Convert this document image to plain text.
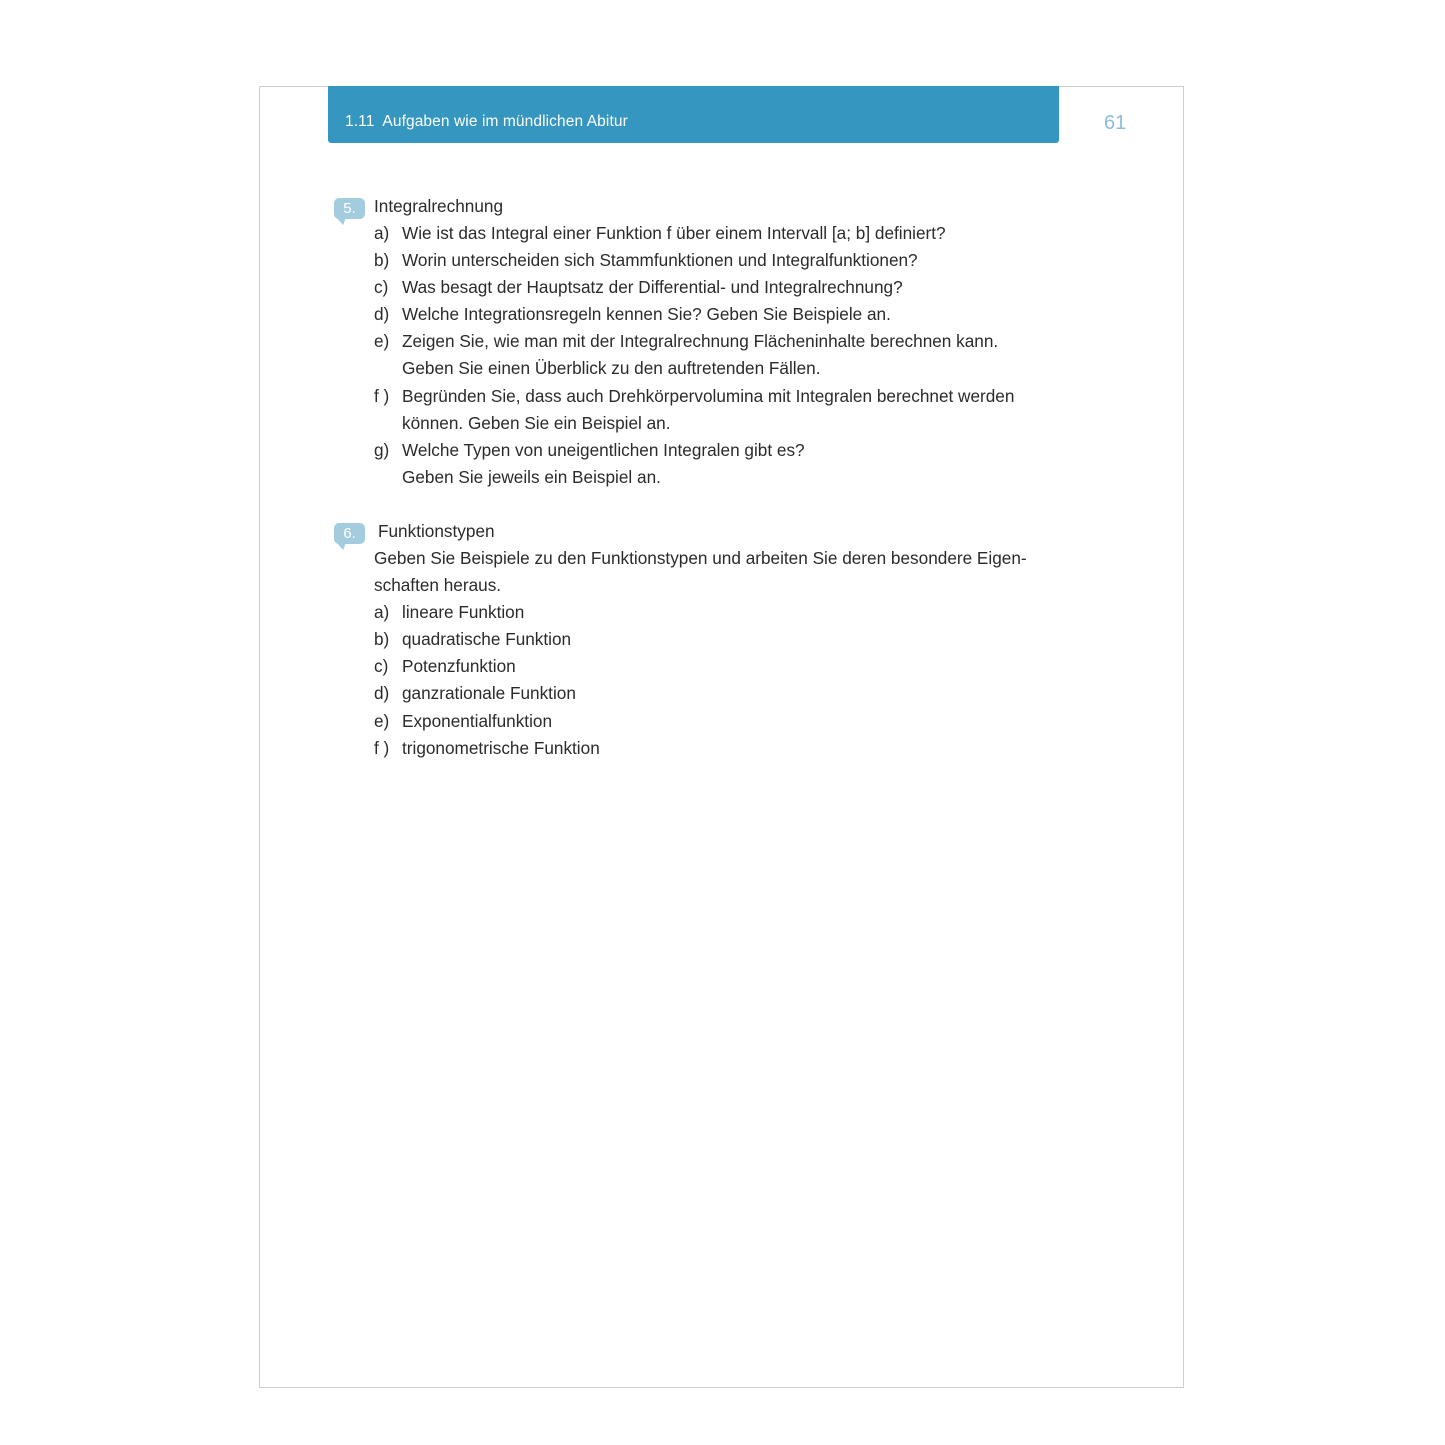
1.11 Aufgaben wie im mündlichen Abitur	61
5.	Integralrechnung
a) Wie ist das Integral einer Funktion f über einem Intervall [a; b] definiert?
b) Worin unterscheiden sich Stammfunktionen und Integralfunktionen?
c) Was besagt der Hauptsatz der Differential- und Integralrechnung?
d) Welche Integrationsregeln kennen Sie? Geben Sie Beispiele an.
e) Zeigen Sie, wie man mit der Integralrechnung Flächeninhalte berechnen kann.
Geben Sie einen Überblick zu den auftretenden Fällen.
f ) Begründen Sie, dass auch Drehkörpervolumina mit Integralen berechnet werden
können. Geben Sie ein Beispiel an.
g) Welche Typen von uneigentlichen Integralen gibt es?
Geben Sie jeweils ein Beispiel an.
6.	Funktionstypen
Geben Sie Beispiele zu den Funktionstypen und arbeiten Sie deren besondere Eigen-
schaften heraus.
a) lineare Funktion
b) quadratische Funktion
c) Potenzfunktion
d) ganzrationale Funktion
e) Exponentialfunktion
f ) trigonometrische Funktion
